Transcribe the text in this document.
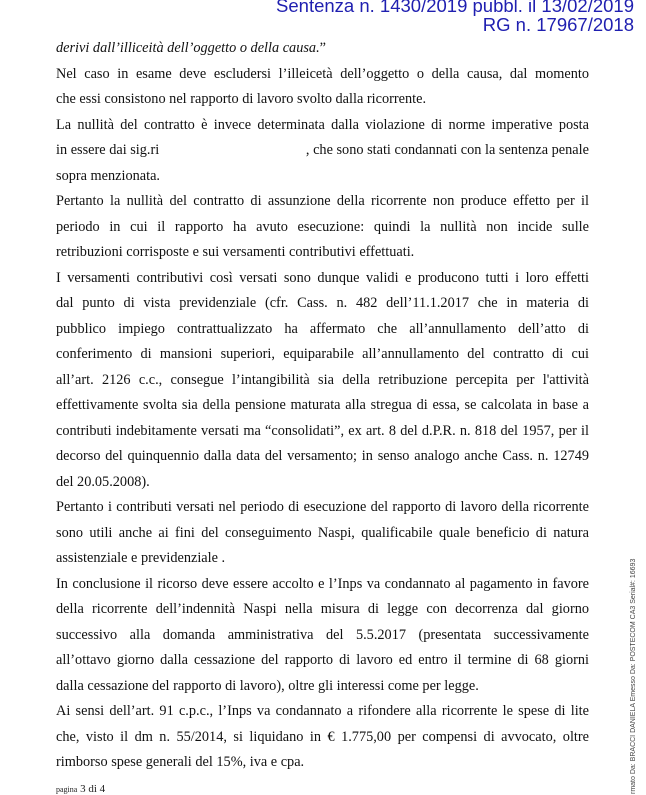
Sentenza n. 1430/2019 pubbl. il 13/02/2019
RG n. 17967/2018
derivi dall’illiceità dell’oggetto o della causa.”
Nel caso in esame deve escludersi l’illeicetà dell’oggetto o della causa, dal momento
che essi consistono nel rapporto di lavoro svolto dalla ricorrente.
La nullità del contratto è invece determinata dalla violazione di norme imperative posta
in essere dai sig.ri	, che sono stati condannati con la sentenza penale
sopra menzionata.
Pertanto la nullità del contratto di assunzione della ricorrente non produce effetto per il
periodo in cui il rapporto ha avuto esecuzione: quindi la nullità non incide sulle
retribuzioni corrisposte e sui versamenti contributivi effettuati.
I versamenti contributivi così versati sono dunque validi e producono tutti i loro effetti
dal punto di vista previdenziale (cfr. Cass. n. 482 dell’11.1.2017 che in materia di
pubblico impiego contrattualizzato ha affermato che all’annullamento dell’atto di
conferimento di mansioni superiori, equiparabile all’annullamento del contratto di cui
all’art. 2126 c.c., consegue l’intangibilità sia della retribuzione percepita per l'attività
effettivamente svolta sia della pensione maturata alla stregua di essa, se calcolata in base a
contributi indebitamente versati ma “consolidati”, ex art. 8 del d.P.R. n. 818 del 1957, per il
decorso del quinquennio dalla data del versamento; in senso analogo anche Cass. n. 12749
del 20.05.2008).
Pertanto i contributi versati nel periodo di esecuzione del rapporto di lavoro della ricorrente
sono utili anche ai fini del conseguimento Naspi, qualificabile quale beneficio di natura
assistenziale e previdenziale .
In conclusione il ricorso deve essere accolto e l’Inps va condannato al pagamento in favore
della ricorrente dell’indennità Naspi nella misura di legge con decorrenza dal giorno
successivo alla domanda amministrativa del 5.5.2017 (presentata successivamente
all’ottavo giorno dalla cessazione del rapporto di lavoro ed entro il termine di 68 giorni
dalla cessazione del rapporto di lavoro), oltre gli interessi come per legge.
Ai sensi dell’art. 91 c.p.c., l’Inps va condannato a rifondere alla ricorrente le spese di lite
che, visto il dm n. 55/2014, si liquidano in € 1.775,00 per compensi di avvocato, oltre
rimborso spese generali del 15%, iva e cpa.
pagina 3 di 4	rmato Da: BRACCI DANIELA Emesso Da: POSTECOM CA3 Serial#: 16693
